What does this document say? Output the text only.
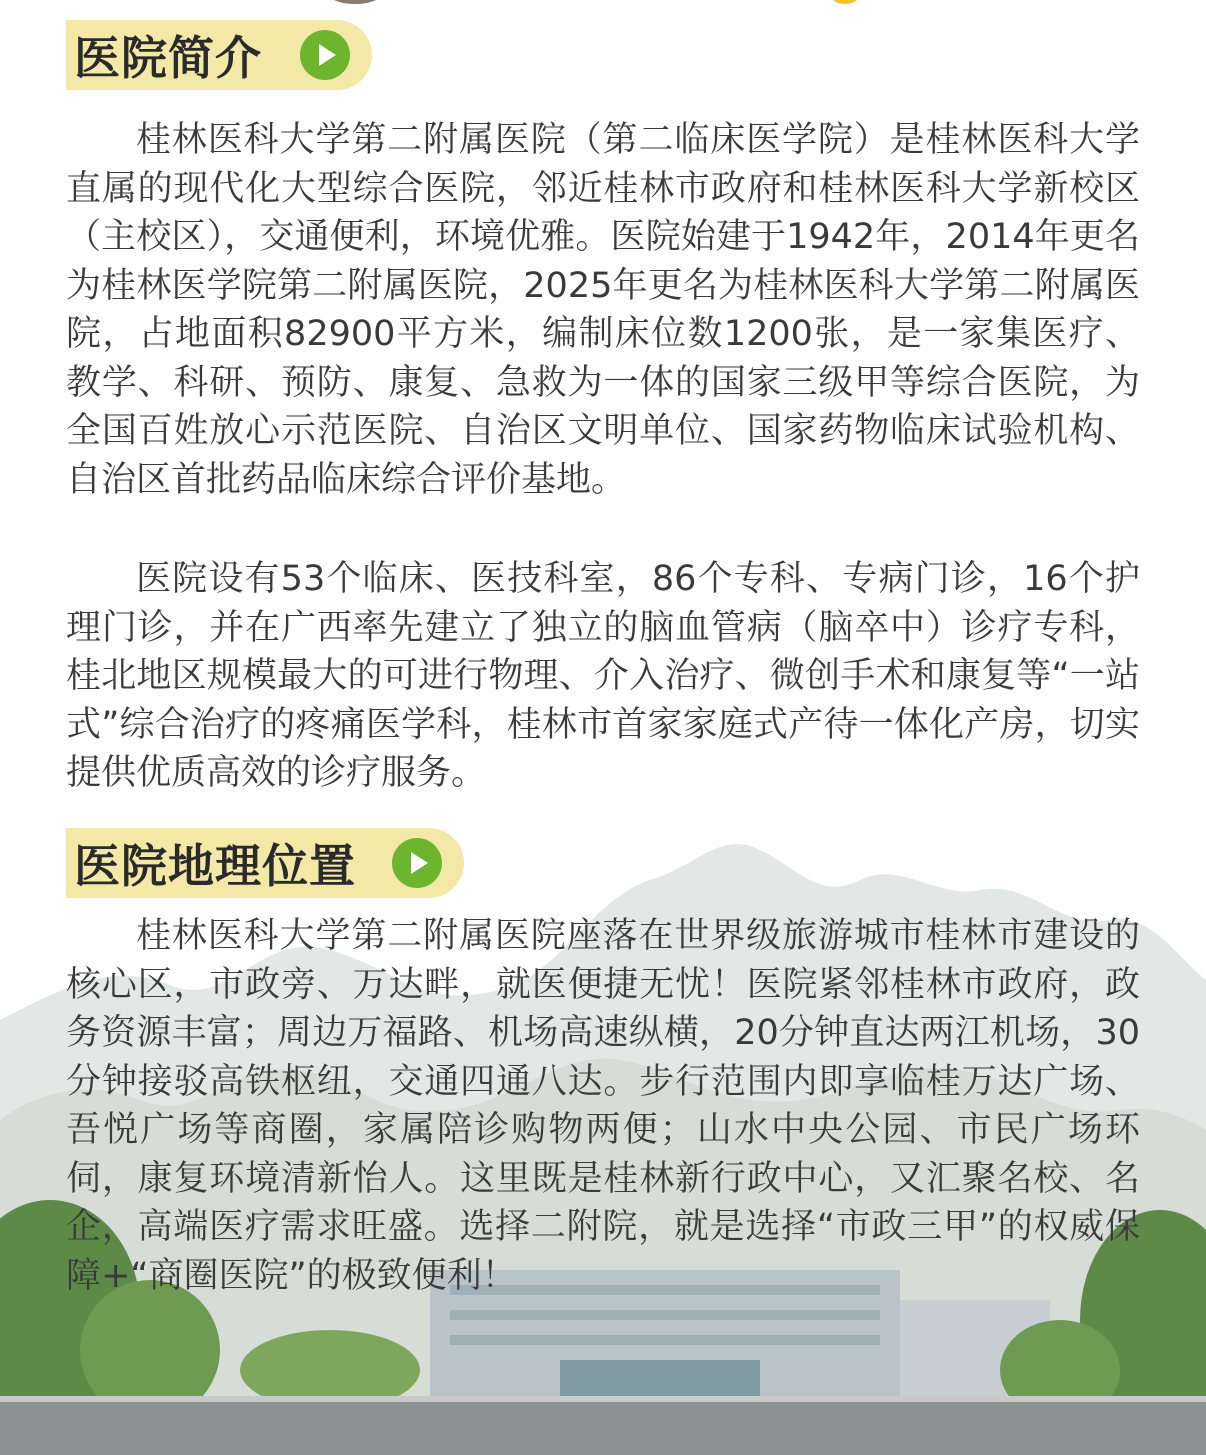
医院简介

桂林医科大学第二附属医院（第二临床医学院）是桂林医科大学直属的现代化大型综合医院，邻近桂林市政府和桂林医科大学新校区（主校区），交通便利，环境优雅。医院始建于1942年，2014年更名为桂林医学院第二附属医院，2025年更名为桂林医科大学第二附属医院，占地面积82900平方米，编制床位数1200张，是一家集医疗、教学、科研、预防、康复、急救为一体的国家三级甲等综合医院，为全国百姓放心示范医院、自治区文明单位、国家药物临床试验机构、自治区首批药品临床综合评价基地。

医院设有53个临床、医技科室，86个专科、专病门诊，16个护理门诊，并在广西率先建立了独立的脑血管病（脑卒中）诊疗专科，桂北地区规模最大的可进行物理、介入治疗、微创手术和康复等“一站式”综合治疗的疼痛医学科，桂林市首家家庭式产待一体化产房，切实提供优质高效的诊疗服务。

医院地理位置

桂林医科大学第二附属医院座落在世界级旅游城市桂林市建设的核心区，市政旁、万达畔，就医便捷无忧！医院紧邻桂林市政府，政务资源丰富；周边万福路、机场高速纵横，20分钟直达两江机场，30分钟接驳高铁枢纽，交通四通八达。步行范围内即享临桂万达广场、吾悦广场等商圈，家属陪诊购物两便；山水中央公园、市民广场环伺，康复环境清新怡人。这里既是桂林新行政中心，又汇聚名校、名企，高端医疗需求旺盛。选择二附院，就是选择“市政三甲”的权威保障+“商圈医院”的极致便利！
